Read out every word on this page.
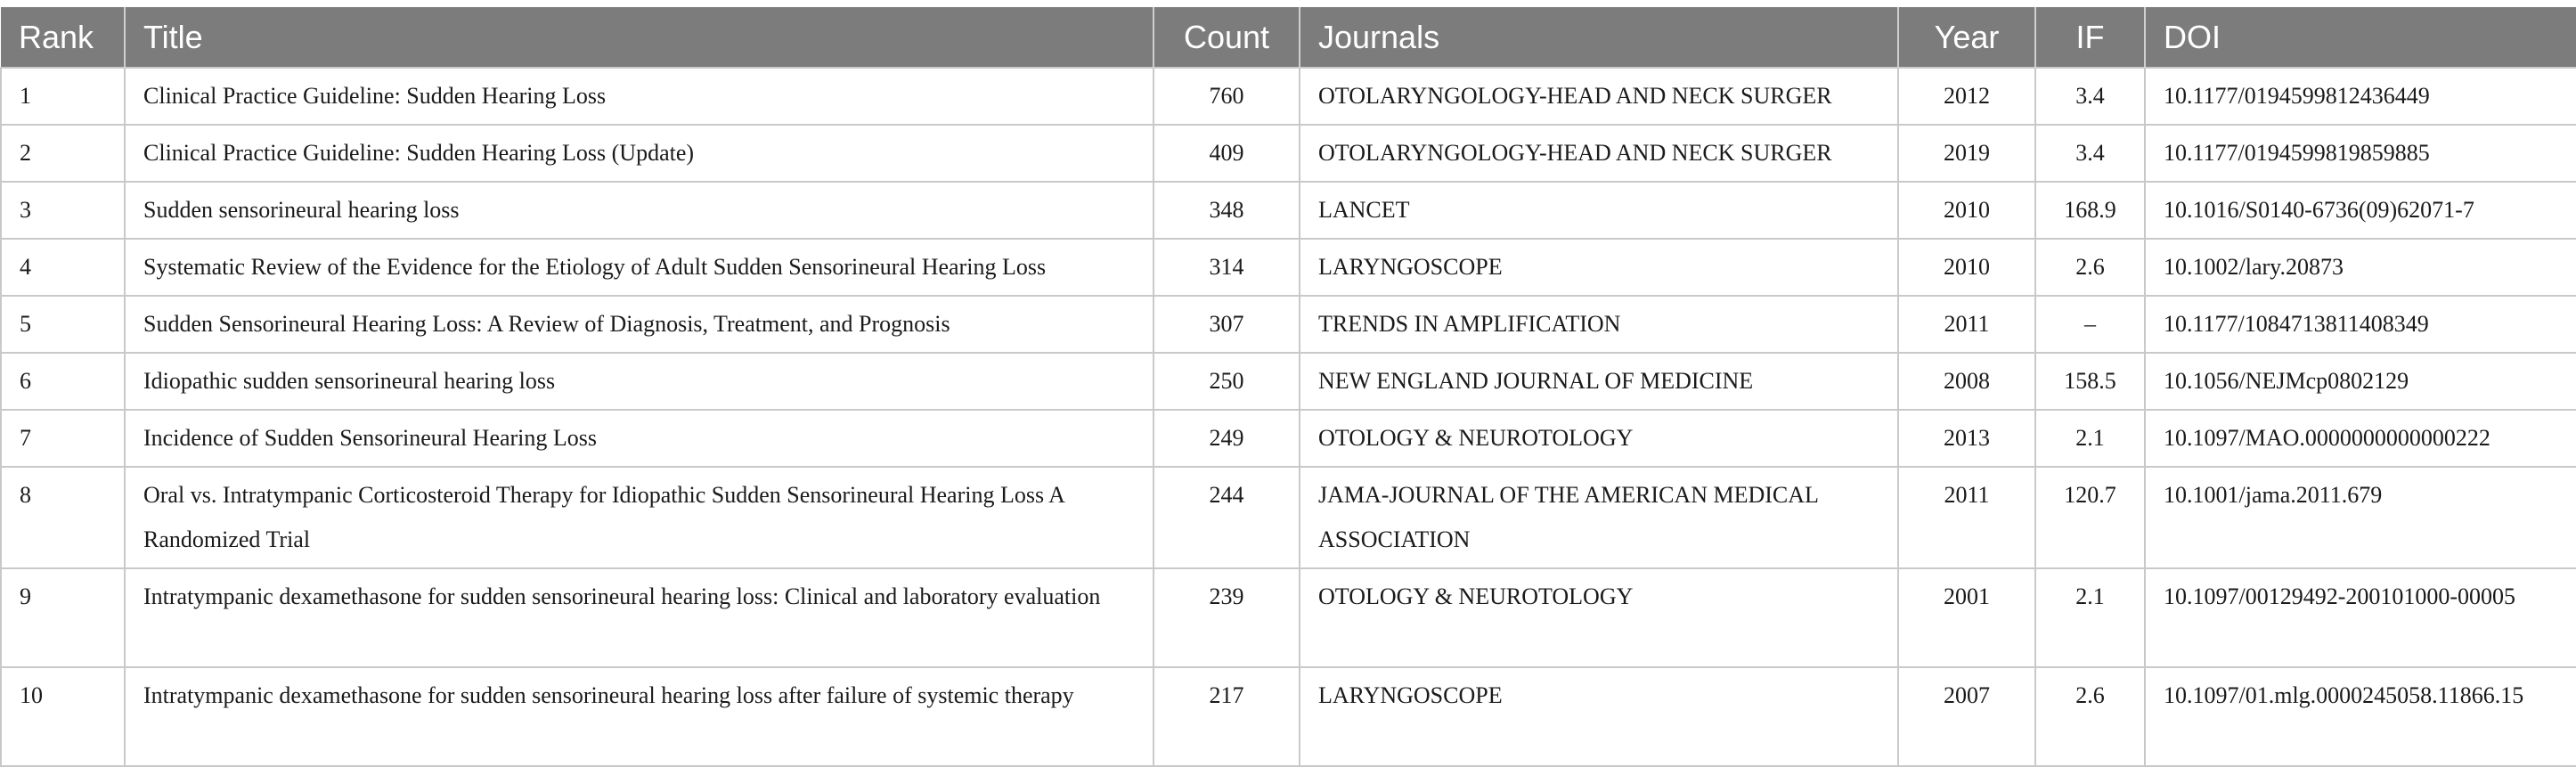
Rank	Title	Count	Journals	Year	IF	DOI
1	Clinical Practice Guideline: Sudden Hearing Loss	760	OTOLARYNGOLOGY-HEAD AND NECK SURGER	2012	3.4	10.1177/0194599812436449
2	Clinical Practice Guideline: Sudden Hearing Loss (Update)	409	OTOLARYNGOLOGY-HEAD AND NECK SURGER	2019	3.4	10.1177/0194599819859885
3	Sudden sensorineural hearing loss	348	LANCET	2010	168.9	10.1016/S0140-6736(09)62071-7
4	Systematic Review of the Evidence for the Etiology of Adult Sudden Sensorineural Hearing Loss	314	LARYNGOSCOPE	2010	2.6	10.1002/lary.20873
5	Sudden Sensorineural Hearing Loss: A Review of Diagnosis, Treatment, and Prognosis	307	TRENDS IN AMPLIFICATION	2011	–	10.1177/1084713811408349
6	Idiopathic sudden sensorineural hearing loss	250	NEW ENGLAND JOURNAL OF MEDICINE	2008	158.5	10.1056/NEJMcp0802129
7	Incidence of Sudden Sensorineural Hearing Loss	249	OTOLOGY & NEUROTOLOGY	2013	2.1	10.1097/MAO.0000000000000222
8	Oral vs. Intratympanic Corticosteroid Therapy for Idiopathic Sudden Sensorineural Hearing Loss A Randomized Trial	244	JAMA-JOURNAL OF THE AMERICAN MEDICAL ASSOCIATION	2011	120.7	10.1001/jama.2011.679
9	Intratympanic dexamethasone for sudden sensorineural hearing loss: Clinical and laboratory evaluation	239	OTOLOGY & NEUROTOLOGY	2001	2.1	10.1097/00129492-200101000-00005
10	Intratympanic dexamethasone for sudden sensorineural hearing loss after failure of systemic therapy	217	LARYNGOSCOPE	2007	2.6	10.1097/01.mlg.0000245058.11866.15
